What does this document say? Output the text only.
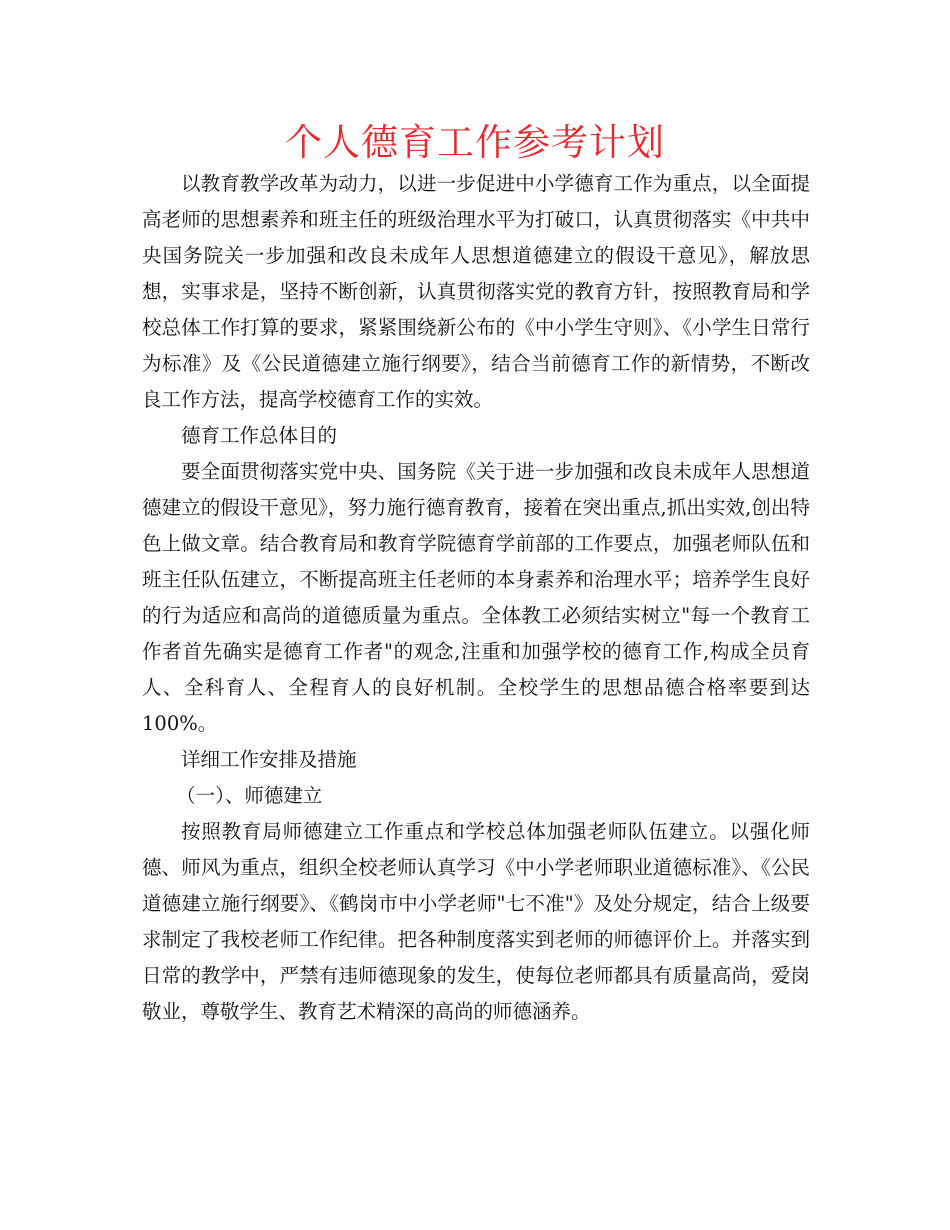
个人德育工作参考计划

以教育教学改革为动力，以进一步促进中小学德育工作为重点，以全面提高老师的思想素养和班主任的班级治理水平为打破口，认真贯彻落实《中共中央国务院关一步加强和改良未成年人思想道德建立的假设干意见》，解放思想，实事求是，坚持不断创新，认真贯彻落实党的教育方针，按照教育局和学校总体工作打算的要求，紧紧围绕新公布的《中小学生守则》、《小学生日常行为标准》及《公民道德建立施行纲要》，结合当前德育工作的新情势，不断改良工作方法，提高学校德育工作的实效。

德育工作总体目的

要全面贯彻落实党中央、国务院《关于进一步加强和改良未成年人思想道德建立的假设干意见》，努力施行德育教育，接着在突出重点,抓出实效,创出特色上做文章。结合教育局和教育学院德育学前部的工作要点，加强老师队伍和班主任队伍建立，不断提高班主任老师的本身素养和治理水平；培养学生良好的行为适应和高尚的道德质量为重点。全体教工必须结实树立"每一个教育工作者首先确实是德育工作者"的观念,注重和加强学校的德育工作,构成全员育人、全科育人、全程育人的良好机制。全校学生的思想品德合格率要到达100%。

详细工作安排及措施

（一）、师德建立

按照教育局师德建立工作重点和学校总体加强老师队伍建立。以强化师德、师风为重点，组织全校老师认真学习《中小学老师职业道德标准》、《公民道德建立施行纲要》、《鹤岗市中小学老师"七不准"》及处分规定，结合上级要求制定了我校老师工作纪律。把各种制度落实到老师的师德评价上。并落实到日常的教学中，严禁有违师德现象的发生，使每位老师都具有质量高尚，爱岗敬业，尊敬学生、教育艺术精深的高尚的师德涵养。
